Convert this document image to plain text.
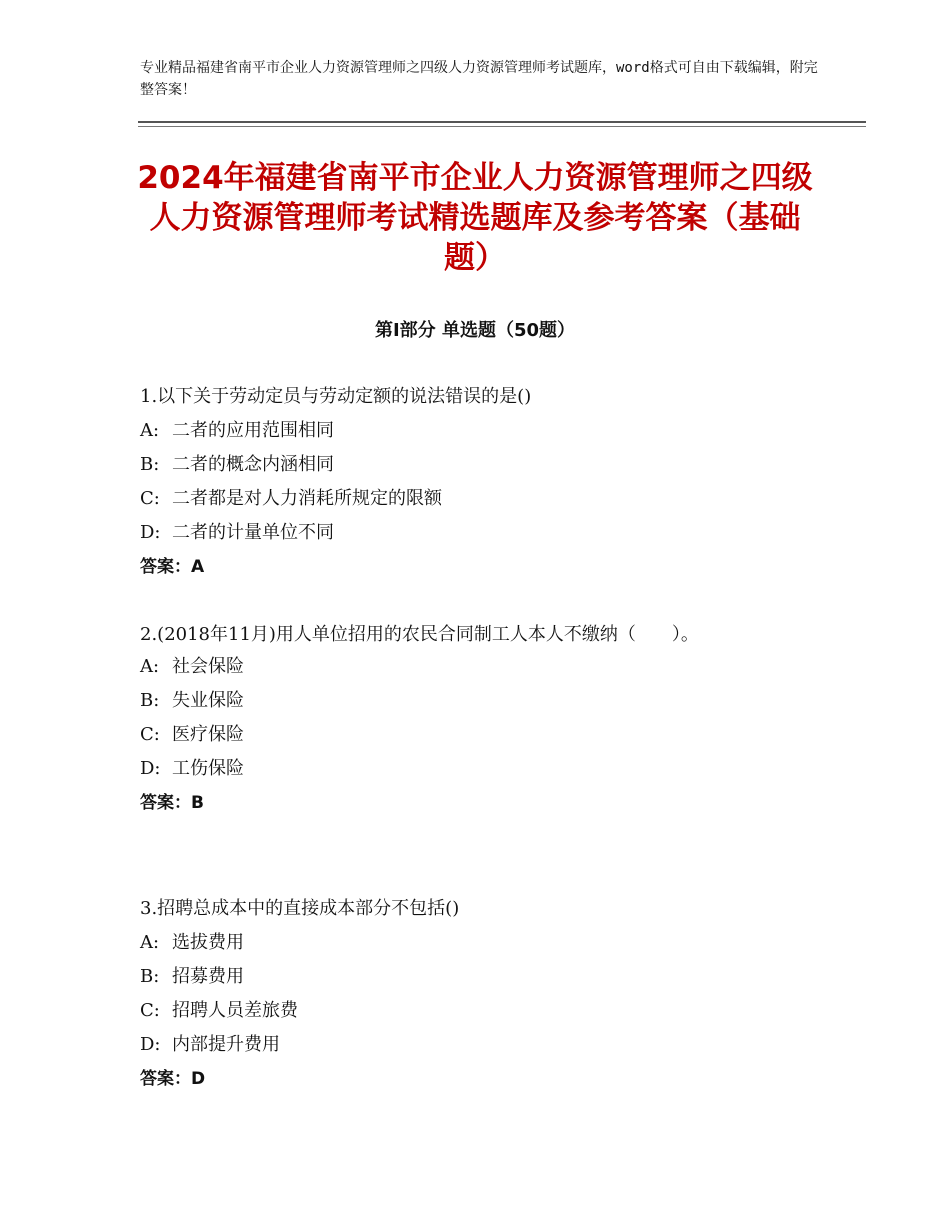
专业精品福建省南平市企业人力资源管理师之四级人力资源管理师考试题库，word格式可自由下载编辑，附完整答案！
2024年福建省南平市企业人力资源管理师之四级人力资源管理师考试精选题库及参考答案（基础题）
第Ⅰ部分 单选题（50题）
1.以下关于劳动定员与劳动定额的说法错误的是()
A: 二者的应用范围相同
B: 二者的概念内涵相同
C: 二者都是对人力消耗所规定的限额
D: 二者的计量单位不同
答案：A
2.(2018年11月)用人单位招用的农民合同制工人本人不缴纳（　　）。
A: 社会保险
B: 失业保险
C: 医疗保险
D: 工伤保险
答案：B
3.招聘总成本中的直接成本部分不包括()
A: 选拔费用
B: 招募费用
C: 招聘人员差旅费
D: 内部提升费用
答案：D
